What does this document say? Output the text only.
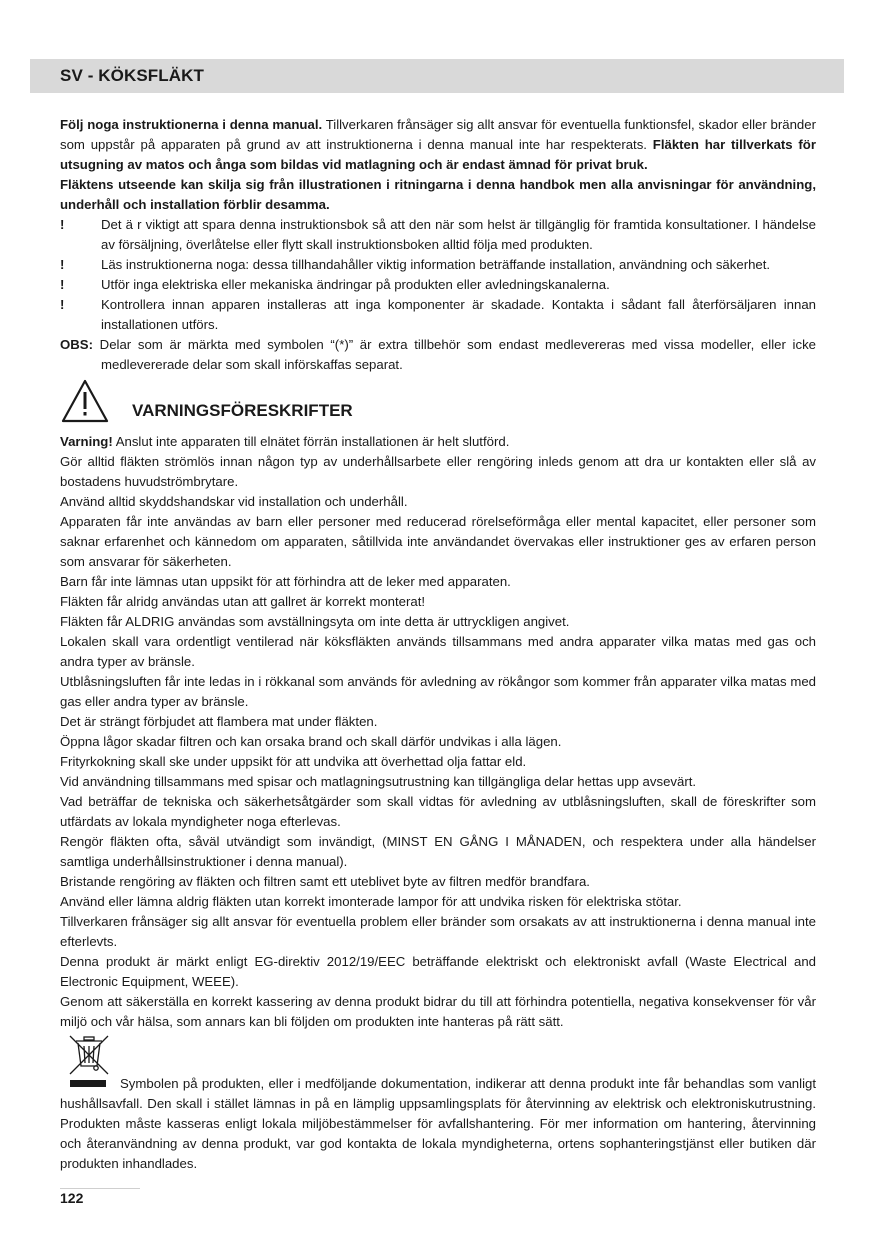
SV - KÖKSFLÄKT

Följ noga instruktionerna i denna manual. Tillverkaren frånsäger sig allt ansvar för eventuella funktionsfel, skador eller bränder som uppstår på apparaten på grund av att instruktionerna i denna manual inte har respekterats. Fläkten har tillverkats för utsugning av matos och ånga som bildas vid matlagning och är endast ämnad för privat bruk.

Fläktens utseende kan skilja sig från illustrationen i ritningarna i denna handbok men alla anvisningar för användning, underhåll och installation förblir desamma.

!	Det ä r viktigt att spara denna instruktionsbok så att den när som helst är tillgänglig för framtida konsultationer. I händelse av försäljning, överlåtelse eller flytt skall instruktionsboken alltid följa med produkten.
!	Läs instruktionerna noga: dessa tillhandahåller viktig information beträffande installation, användning och säkerhet.
!	Utför inga elektriska eller mekaniska ändringar på produkten eller avledningskanalerna.
!	Kontrollera innan apparen installeras att inga komponenter är skadade. Kontakta i sådant fall återförsäljaren innan installationen utförs.
OBS: Delar som är märkta med symbolen “(*)” är extra tillbehör som endast medlevereras med vissa modeller, eller icke medlevererade delar som skall införskaffas separat.
VARNINGSFÖRESKRIFTER

Varning! Anslut inte apparaten till elnätet förrän installationen är helt slutförd.

Gör alltid fläkten strömlös innan någon typ av underhållsarbete eller rengöring inleds genom att dra ur kontakten eller slå av bostadens huvudströmbrytare.

Använd alltid skyddshandskar vid installation och underhåll.

Apparaten får inte användas av barn eller personer med reducerad rörelseförmåga eller mental kapacitet, eller personer som saknar erfarenhet och kännedom om apparaten, såtillvida inte användandet övervakas eller instruktioner ges av erfaren person som ansvarar för säkerheten.

Barn får inte lämnas utan uppsikt för att förhindra att de leker med apparaten.

Fläkten får alridg användas utan att gallret är korrekt monterat!

Fläkten får ALDRIG användas som avställningsyta om inte detta är uttryckligen angivet.

Lokalen skall vara ordentligt ventilerad när köksfläkten används tillsammans med andra apparater vilka matas med gas och andra typer av bränsle.

Utblåsningsluften får inte ledas in i rökkanal som används för avledning av rökångor som kommer från apparater vilka matas med gas eller andra typer av bränsle.

Det är strängt förbjudet att flambera mat under fläkten.

Öppna lågor skadar filtren och kan orsaka brand och skall därför undvikas i alla lägen.

Frityrkokning skall ske under uppsikt för att undvika att överhettad olja fattar eld.

Vid användning tillsammans med spisar och matlagningsutrustning kan tillgängliga delar hettas upp avsevärt.

Vad beträffar de tekniska och säkerhetsåtgärder som skall vidtas för avledning av utblåsningsluften, skall de föreskrifter som utfärdats av lokala myndigheter noga efterlevas.

Rengör fläkten ofta, såväl utvändigt som invändigt, (MINST EN GÅNG I MÅNADEN, och respektera under alla händelser samtliga underhållsinstruktioner i denna manual).

Bristande rengöring av fläkten och filtren samt ett uteblivet byte av filtren medför brandfara.

Använd eller lämna aldrig fläkten utan korrekt imonterade lampor för att undvika risken för elektriska stötar.

Tillverkaren frånsäger sig allt ansvar för eventuella problem eller bränder som orsakats av att instruktionerna i denna manual inte efterlevts.

Denna produkt är märkt enligt EG-direktiv 2012/19/EEC beträffande elektriskt och elektroniskt avfall (Waste Electrical and Electronic Equipment, WEEE).

Genom att säkerställa en korrekt kassering av denna produkt bidrar du till att förhindra potentiella, negativa konsekvenser för vår miljö och vår hälsa, som annars kan bli följden om produkten inte hanteras på rätt sätt.

Symbolen på produkten, eller i medföljande dokumentation, indikerar att denna produkt inte får behandlas som vanligt hushållsavfall. Den skall i stället lämnas in på en lämplig uppsamlingsplats för återvinning av elektrisk och elektroniskutrustning. Produkten måste kasseras enligt lokala miljöbestämmelser för avfallshantering. För mer information om hantering, återvinning och återanvändning av denna produkt, var god kontakta de lokala myndigheterna, ortens sophanteringstjänst eller butiken där produkten inhandlades.

122
